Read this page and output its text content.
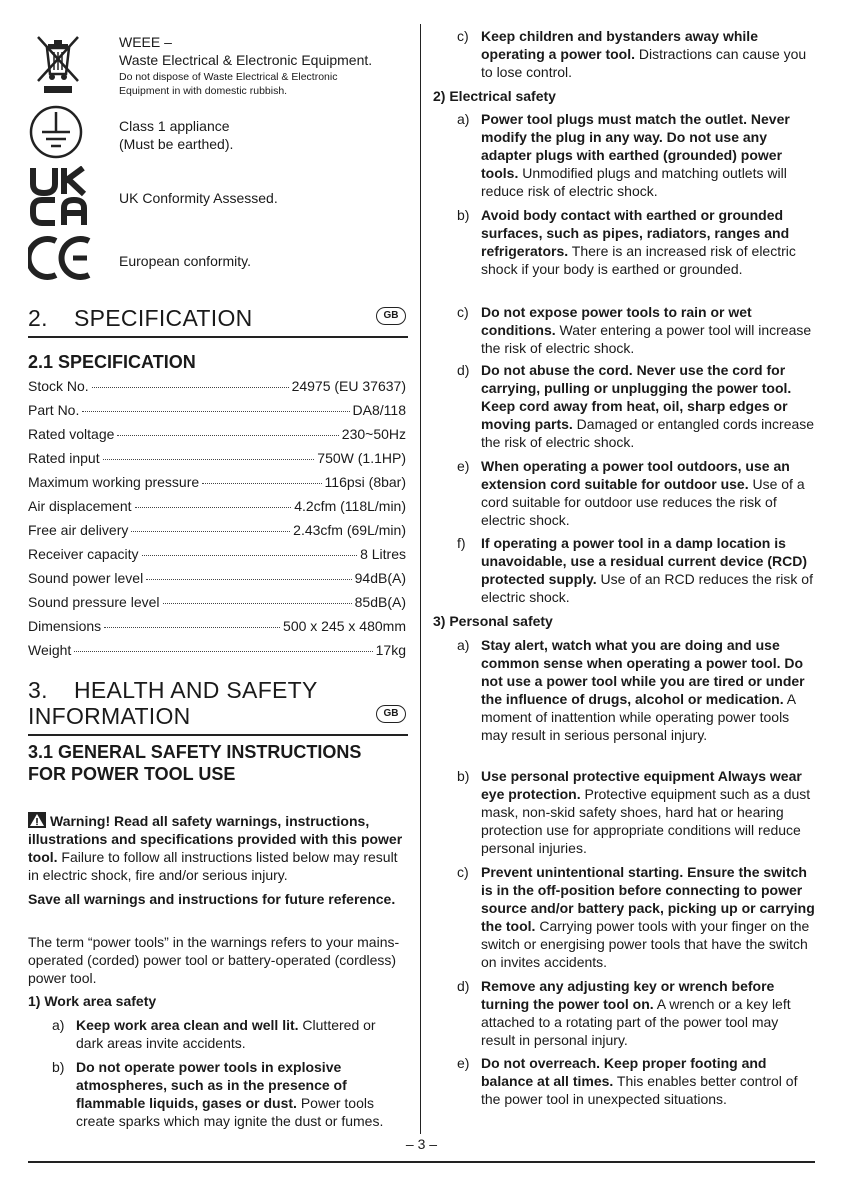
WEEE –
Waste Electrical & Electronic Equipment.
Do not dispose of Waste Electrical & Electronic Equipment in with domestic rubbish.
Class 1 appliance
(Must be earthed).
UK Conformity Assessed.
European conformity.
2. SPECIFICATION	GB
2.1 SPECIFICATION
Stock No.	24975 (EU 37637)
Part No.	DA8/118
Rated voltage	230~50Hz
Rated input	750W (1.1HP)
Maximum working pressure	116psi (8bar)
Air displacement	4.2cfm (118L/min)
Free air delivery	2.43cfm (69L/min)
Receiver capacity	8 Litres
Sound power level	94dB(A)
Sound pressure level	85dB(A)
Dimensions	500 x 245 x 480mm
Weight	17kg
3. HEALTH AND SAFETY
INFORMATION	GB
3.1 GENERAL SAFETY INSTRUCTIONS FOR POWER TOOL USE
Warning! Read all safety warnings, instructions, illustrations and specifications provided with this power tool. Failure to follow all instructions listed below may result in electric shock, fire and/or serious injury.
Save all warnings and instructions for future reference.
The term “power tools” in the warnings refers to your mains-operated (corded) power tool or battery-operated (cordless) power tool.
1) Work area safety
a) Keep work area clean and well lit. Cluttered or dark areas invite accidents.
b) Do not operate power tools in explosive atmospheres, such as in the presence of flammable liquids, gases or dust. Power tools create sparks which may ignite the dust or fumes.
c) Keep children and bystanders away while operating a power tool. Distractions can cause you to lose control.
2) Electrical safety
a) Power tool plugs must match the outlet. Never modify the plug in any way. Do not use any adapter plugs with earthed (grounded) power tools. Unmodified plugs and matching outlets will reduce risk of electric shock.
b) Avoid body contact with earthed or grounded surfaces, such as pipes, radiators, ranges and refrigerators. There is an increased risk of electric shock if your body is earthed or grounded.
c) Do not expose power tools to rain or wet conditions. Water entering a power tool will increase the risk of electric shock.
d) Do not abuse the cord. Never use the cord for carrying, pulling or unplugging the power tool. Keep cord away from heat, oil, sharp edges or moving parts. Damaged or entangled cords increase the risk of electric shock.
e) When operating a power tool outdoors, use an extension cord suitable for outdoor use. Use of a cord suitable for outdoor use reduces the risk of electric shock.
f) If operating a power tool in a damp location is unavoidable, use a residual current device (RCD) protected supply. Use of an RCD reduces the risk of electric shock.
3) Personal safety
a) Stay alert, watch what you are doing and use common sense when operating a power tool. Do not use a power tool while you are tired or under the influence of drugs, alcohol or medication. A moment of inattention while operating power tools may result in serious personal injury.
b) Use personal protective equipment Always wear eye protection. Protective equipment such as a dust mask, non-skid safety shoes, hard hat or hearing protection use for appropriate conditions will reduce personal injuries.
c) Prevent unintentional starting. Ensure the switch is in the off-position before connecting to power source and/or battery pack, picking up or carrying the tool. Carrying power tools with your finger on the switch or energising power tools that have the switch on invites accidents.
d) Remove any adjusting key or wrench before turning the power tool on. A wrench or a key left attached to a rotating part of the power tool may result in personal injury.
e) Do not overreach. Keep proper footing and balance at all times. This enables better control of the power tool in unexpected situations.
– 3 –
